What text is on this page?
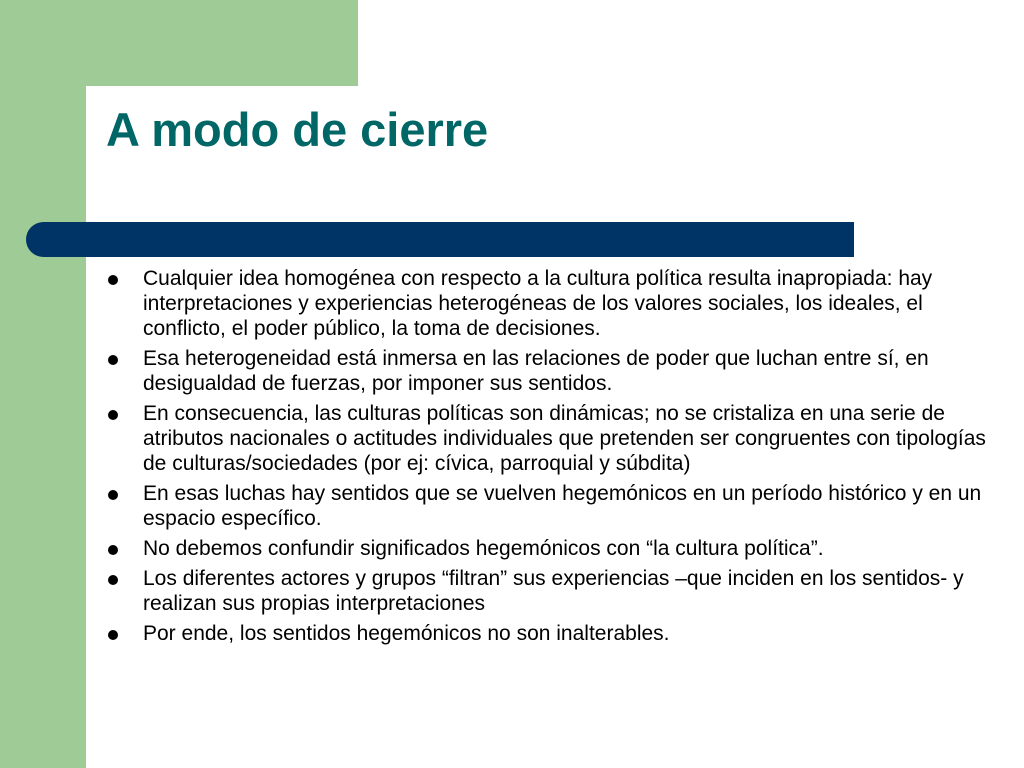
A modo de cierre
Cualquier idea homogénea con respecto a la cultura política resulta inapropiada: hay interpretaciones y experiencias heterogéneas de los valores sociales, los ideales, el conflicto, el poder público, la toma de decisiones.
Esa heterogeneidad está inmersa en las relaciones de poder que luchan entre sí, en desigualdad de fuerzas, por imponer sus sentidos.
En consecuencia, las culturas políticas son dinámicas; no se cristaliza en una serie de atributos nacionales o actitudes individuales que pretenden ser congruentes con tipologías de culturas/sociedades (por ej: cívica, parroquial y súbdita)
En esas luchas hay sentidos que se vuelven hegemónicos en un período histórico y en un espacio específico.
No debemos confundir significados hegemónicos con “la cultura política”.
Los diferentes actores y grupos “filtran” sus experiencias –que inciden en los sentidos- y realizan sus propias interpretaciones
Por ende, los sentidos hegemónicos no son inalterables.
